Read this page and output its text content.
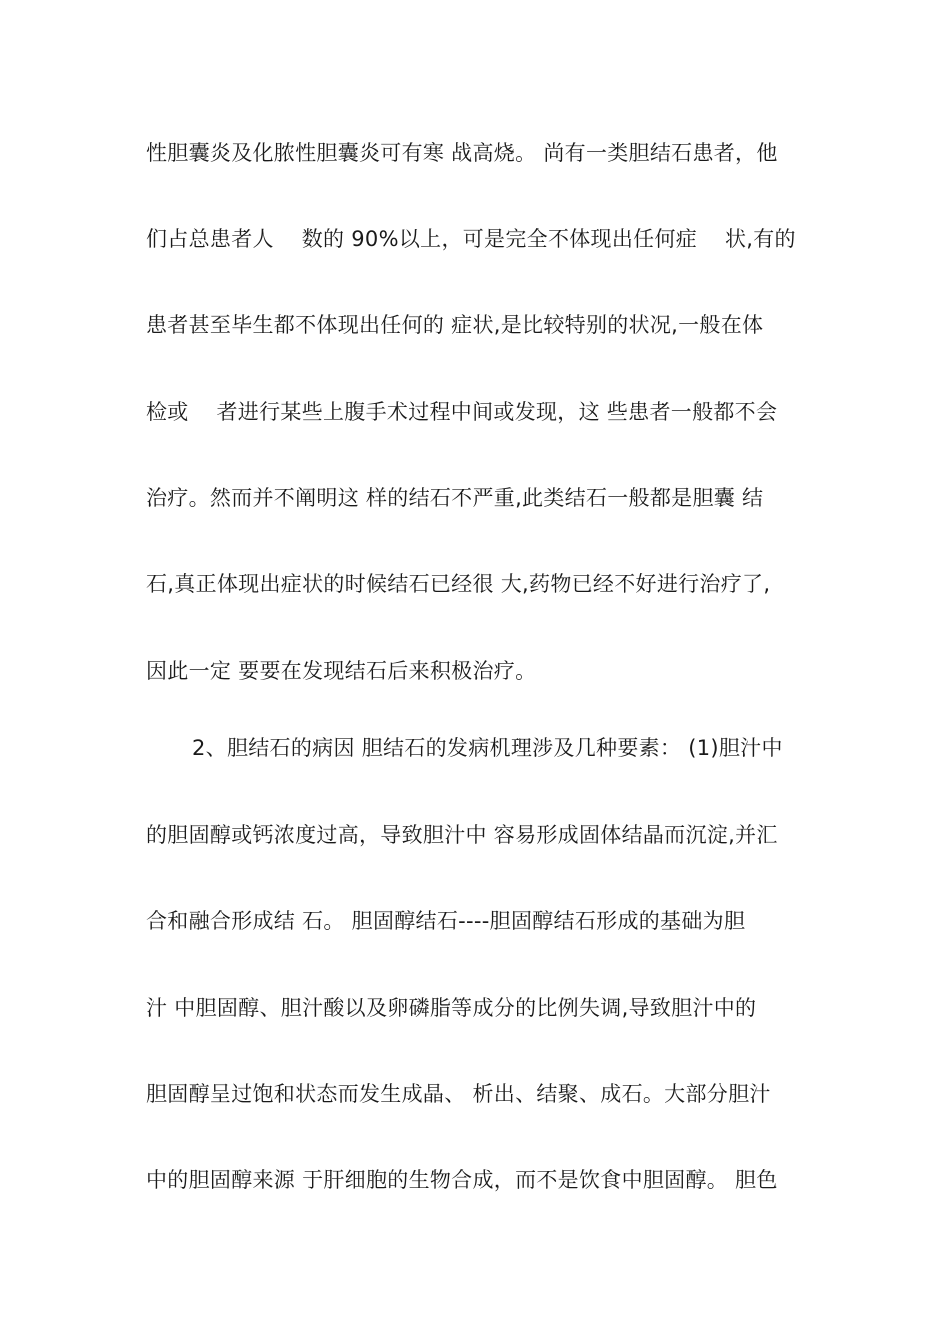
性胆囊炎及化脓性胆囊炎可有寒 战高烧。 尚有一类胆结石患者，他
们占总患者人    数的 90%以上，可是完全不体现出任何症    状,有的
患者甚至毕生都不体现出任何的 症状,是比较特别的状况,一般在体
检或    者进行某些上腹手术过程中间或发现，这 些患者一般都不会
治疗。然而并不阐明这 样的结石不严重,此类结石一般都是胆囊 结
石,真正体现出症状的时候结石已经很 大,药物已经不好进行治疗了,
因此一定 要要在发现结石后来积极治疗。
2、胆结石的病因 胆结石的发病机理涉及几种要素： (1)胆汁中
的胆固醇或钙浓度过高，导致胆汁中 容易形成固体结晶而沉淀,并汇
合和融合形成结 石。 胆固醇结石----胆固醇结石形成的基础为胆
汁 中胆固醇、胆汁酸以及卵磷脂等成分的比例失调,导致胆汁中的
胆固醇呈过饱和状态而发生成晶、 析出、结聚、成石。大部分胆汁
中的胆固醇来源 于肝细胞的生物合成，而不是饮食中胆固醇。 胆色
